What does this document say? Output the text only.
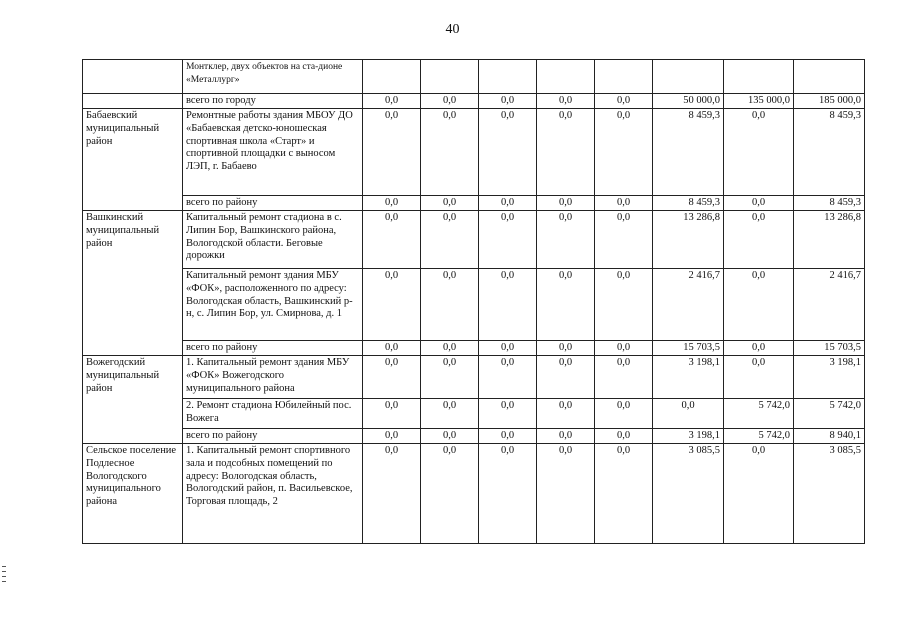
40
	Монтклер, двух объектов на ста-дионе «Металлург»								
	всего по городу	0,0	0,0	0,0	0,0	0,0	50 000,0	135 000,0	185 000,0
Бабаевский муниципальный район	Ремонтные работы здания МБОУ ДО «Бабаевская детско-юношеская спортивная школа «Старт» и спортивной площадки с выносом ЛЭП, г. Бабаево	0,0	0,0	0,0	0,0	0,0	8 459,3	0,0	8 459,3
	всего по району	0,0	0,0	0,0	0,0	0,0	8 459,3	0,0	8 459,3
Вашкинский муниципальный район	Капитальный ремонт стадиона в с. Липин Бор, Вашкинского района, Вологодской области. Беговые дорожки	0,0	0,0	0,0	0,0	0,0	13 286,8	0,0	13 286,8
	Капитальный ремонт здания МБУ «ФОК», расположенного по адресу: Вологодская область, Вашкинский р-н, с. Липин Бор, ул. Смирнова, д. 1	0,0	0,0	0,0	0,0	0,0	2 416,7	0,0	2 416,7
	всего по району	0,0	0,0	0,0	0,0	0,0	15 703,5	0,0	15 703,5
Вожегодский муниципальный район	1. Капитальный ремонт здания МБУ «ФОК» Вожегодского муниципального района	0,0	0,0	0,0	0,0	0,0	3 198,1	0,0	3 198,1
	2. Ремонт стадиона Юбилейный пос. Вожега	0,0	0,0	0,0	0,0	0,0	0,0	5 742,0	5 742,0
	всего по району	0,0	0,0	0,0	0,0	0,0	3 198,1	5 742,0	8 940,1
Сельское поселение Подлесное Вологодского муниципального района	1. Капитальный ремонт спортивного зала и подсобных помещений по адресу: Вологодская область, Вологодский район, п. Васильевское, Торговая площадь, 2	0,0	0,0	0,0	0,0	0,0	3 085,5	0,0	3 085,5
